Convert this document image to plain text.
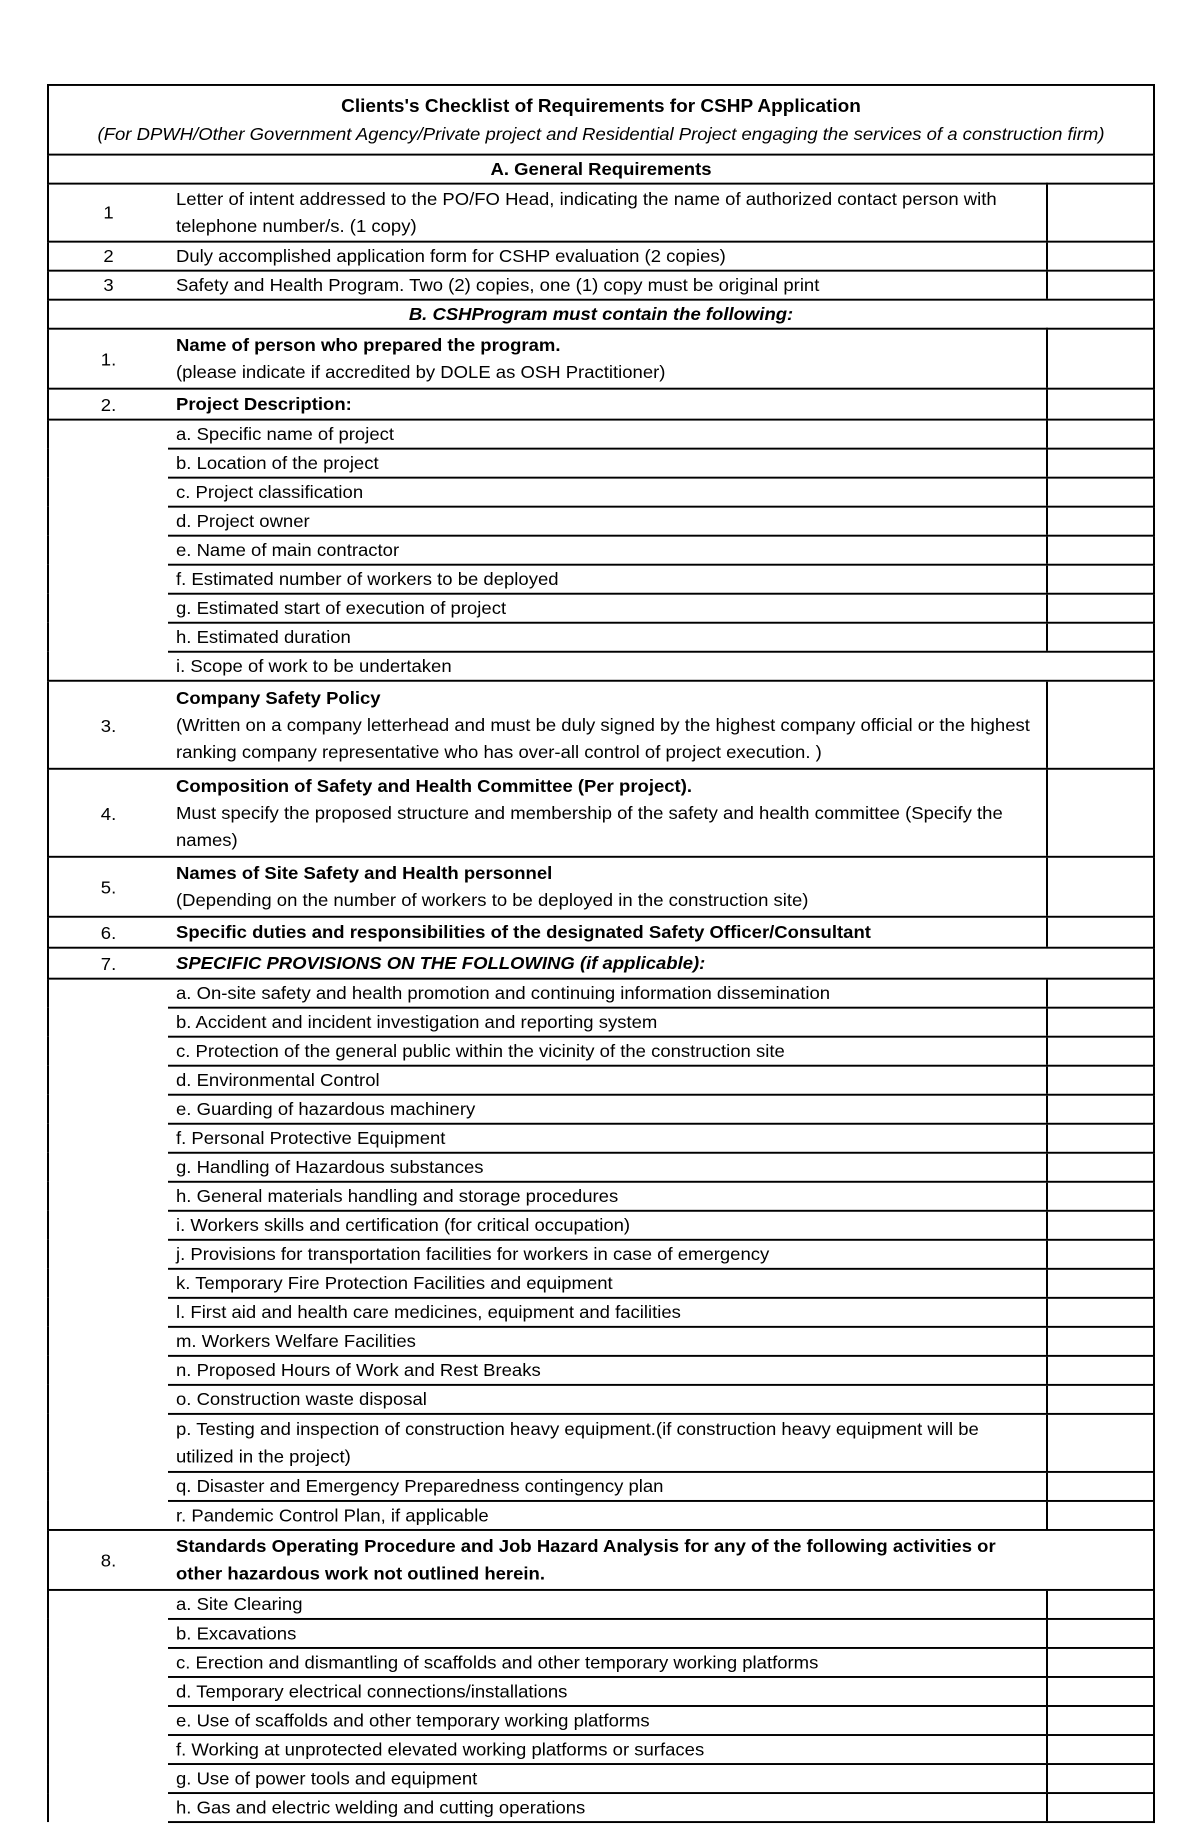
Clients's Checklist of Requirements for CSHP Application
(For DPWH/Other Government Agency/Private project and Residential Project engaging the services of a construction firm)		

A. General Requirements		
1	Letter of intent addressed to the PO/FO Head, indicating the name of authorized contact person with telephone number/s. (1 copy)	
2	Duly accomplished application form for CSHP evaluation (2 copies)	
3	Safety and Health Program. Two (2) copies, one (1) copy must be original print	
B. CSHProgram must contain the following:		
1.	Name of person who prepared the program.
(please indicate if accredited by DOLE as OSH Practitioner)	

2.	Project Description:	

	a. Specific name of project	
	b. Location of the project	
	c. Project classification	
	d. Project owner	
	e. Name of main contractor	
	f. Estimated number of workers to be deployed	
	g. Estimated start of execution of project	
	h. Estimated duration	
	i. Scope of work to be undertaken	
3.	Company Safety Policy
(Written on a company letterhead and must be duly signed by the highest company official or the highest ranking company representative who has over-all control of project execution. )	

4.	Composition of Safety and Health Committee (Per project).
Must specify the proposed structure and membership of the safety and health committee (Specify the names)	

5.	Names of Site Safety and Health personnel
(Depending on the number of workers to be deployed in the construction site)	

6.	Specific duties and responsibilities of the designated Safety Officer/Consultant	

7.	SPECIFIC PROVISIONS ON THE FOLLOWING (if applicable):	

	a. On-site safety and health promotion and continuing information dissemination	
	b. Accident and incident investigation and reporting system	
	c. Protection of the general public within the vicinity of the construction site	
	d. Environmental Control	
	e. Guarding of hazardous machinery	
	f. Personal Protective Equipment	
	g. Handling of Hazardous substances	
	h. General materials handling and storage procedures	
	i. Workers skills and certification (for critical occupation)	
	j. Provisions for transportation facilities for workers in case of emergency	
	k. Temporary Fire Protection Facilities and equipment	
	l. First aid and health care medicines, equipment and facilities	
	m. Workers Welfare Facilities	
	n. Proposed Hours of Work and Rest Breaks	
	o. Construction waste disposal	
	p. Testing and inspection of construction heavy equipment.(if construction heavy equipment will be utilized in the project)	
	q. Disaster and Emergency Preparedness contingency plan	
	r. Pandemic Control Plan, if applicable	
8.	Standards Operating Procedure and Job Hazard Analysis for any of the following activities or other hazardous work not outlined herein.	

	a. Site Clearing	
	b. Excavations	
	c. Erection and dismantling of scaffolds and other temporary working platforms	
	d. Temporary electrical connections/installations	
	e. Use of scaffolds and other temporary working platforms	
	f. Working at unprotected elevated working platforms or surfaces	
	g. Use of power tools and equipment	
	h. Gas and electric welding and cutting operations	
